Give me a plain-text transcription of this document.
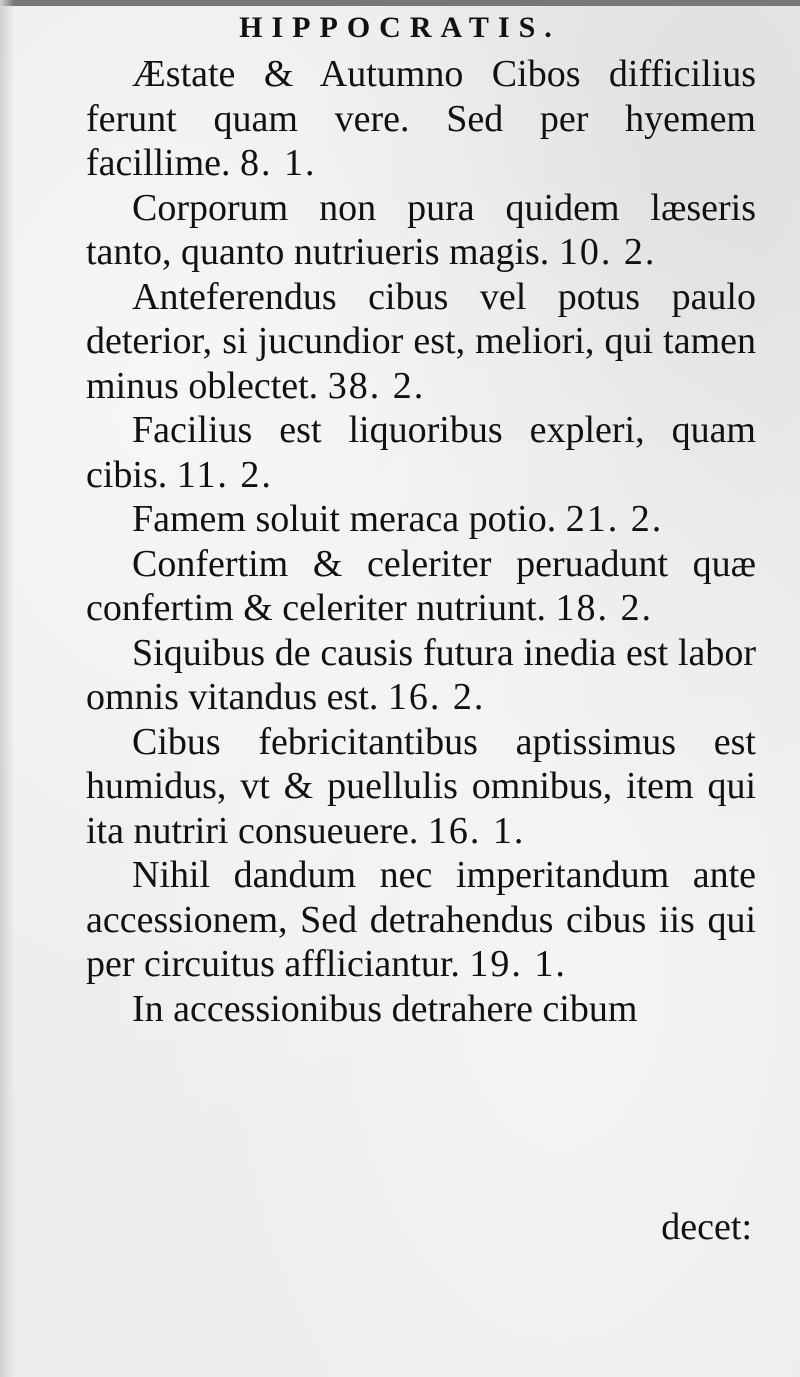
HIPPOCRATIS.

Æstate & Autumno Cibos difficilius ferunt quam vere. Sed per hyemem facillime. 8. 1.

Corporum non pura quidem læseris tanto, quanto nutriueris magis. 10. 2.

Anteferendus cibus vel potus paulo deterior, si jucundior est, meliori, qui tamen minus oblectet. 38. 2.

Facilius est liquoribus expleri, quam cibis. 11. 2.

Famem soluit meraca potio. 21. 2.

Confertim & celeriter peruadunt quæ confertim & celeriter nutriunt. 18. 2.

Siquibus de causis futura inedia est labor omnis vitandus est. 16. 2.

Cibus febricitantibus aptissimus est humidus, vt & puellulis omnibus, item qui ita nutriri consueuere. 16. 1.

Nihil dandum nec imperitandum ante accessionem, Sed detrahendus cibus iis qui per circuitus affliciantur. 19. 1.

In accessionibus detrahere cibum

decet:
